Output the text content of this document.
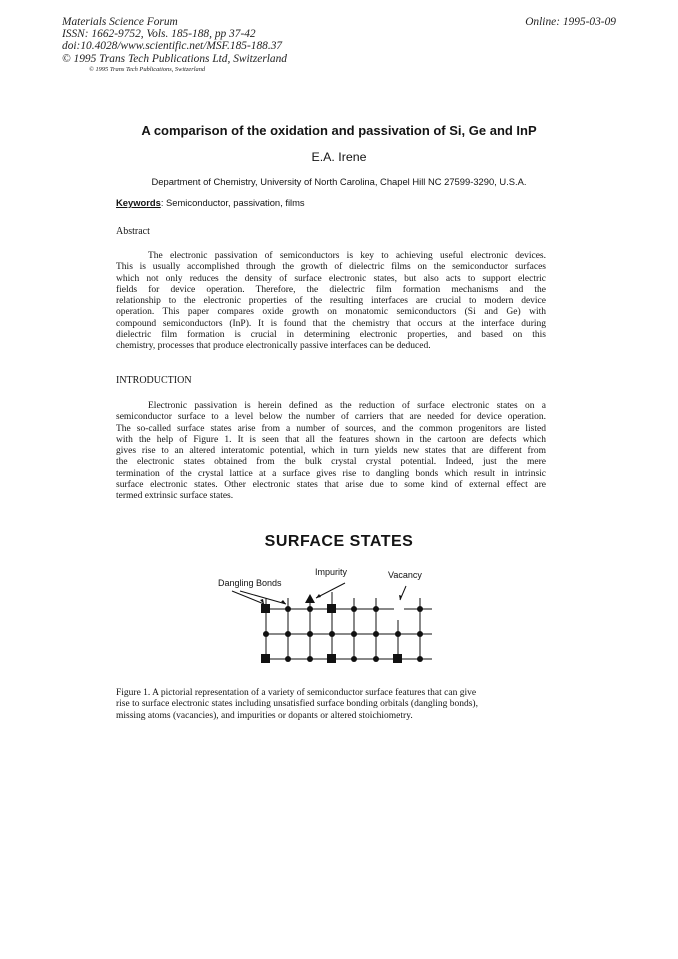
Materials Science Forum
ISSN: 1662-9752, Vols. 185-188, pp 37-42
doi:10.4028/www.scientific.net/MSF.185-188.37
© 1995 Trans Tech Publications Ltd, Switzerland
© 1995 Trans Tech Publications, Switzerland
Online: 1995-03-09
A comparison of the oxidation and passivation of Si, Ge and InP
E.A. Irene
Department of Chemistry, University of North Carolina, Chapel Hill NC 27599-3290, U.S.A.
Keywords: Semiconductor, passivation, films
Abstract
The electronic passivation of semiconductors is key to achieving useful electronic devices.
This is usually accomplished through the growth of dielectric films on the semiconductor surfaces
which not only reduces the density of surface electronic states, but also acts to support electric
fields for device operation. Therefore, the dielectric film formation mechanisms and the
relationship to the electronic properties of the resulting interfaces are crucial to modern device
operation. This paper compares oxide growth on monatomic semiconductors (Si and Ge) with
compound semiconductors (InP). It is found that the chemistry that occurs at the interface during
dielectric film formation is crucial in determining electronic properties, and based on this
chemistry, processes that produce electronically passive interfaces can be deduced.
INTRODUCTION
Electronic passivation is herein defined as the reduction of surface electronic states on a
semiconductor surface to a level below the number of carriers that are needed for device operation.
The so-called surface states arise from a number of sources, and the common progenitors are listed
with the help of Figure 1. It is seen that all the features shown in the cartoon are defects which
gives rise to an altered interatomic potential, which in turn yields new states that are different from
the electronic states obtained from the bulk crystal crystal potential. Indeed, just the mere
termination of the crystal lattice at a surface gives rise to dangling bonds which result in intrinsic
surface electronic states. Other electronic states that arise due to some kind of external effect are
termed extrinsic surface states.
SURFACE STATES
Impurity	Vacancy
Dangling Bonds
Figure 1. A pictorial representation of a variety of semiconductor surface features that can give
rise to surface electronic states including unsatisfied surface bonding orbitals (dangling bonds),
missing atoms (vacancies), and impurities or dopants or altered stoichiometry.
